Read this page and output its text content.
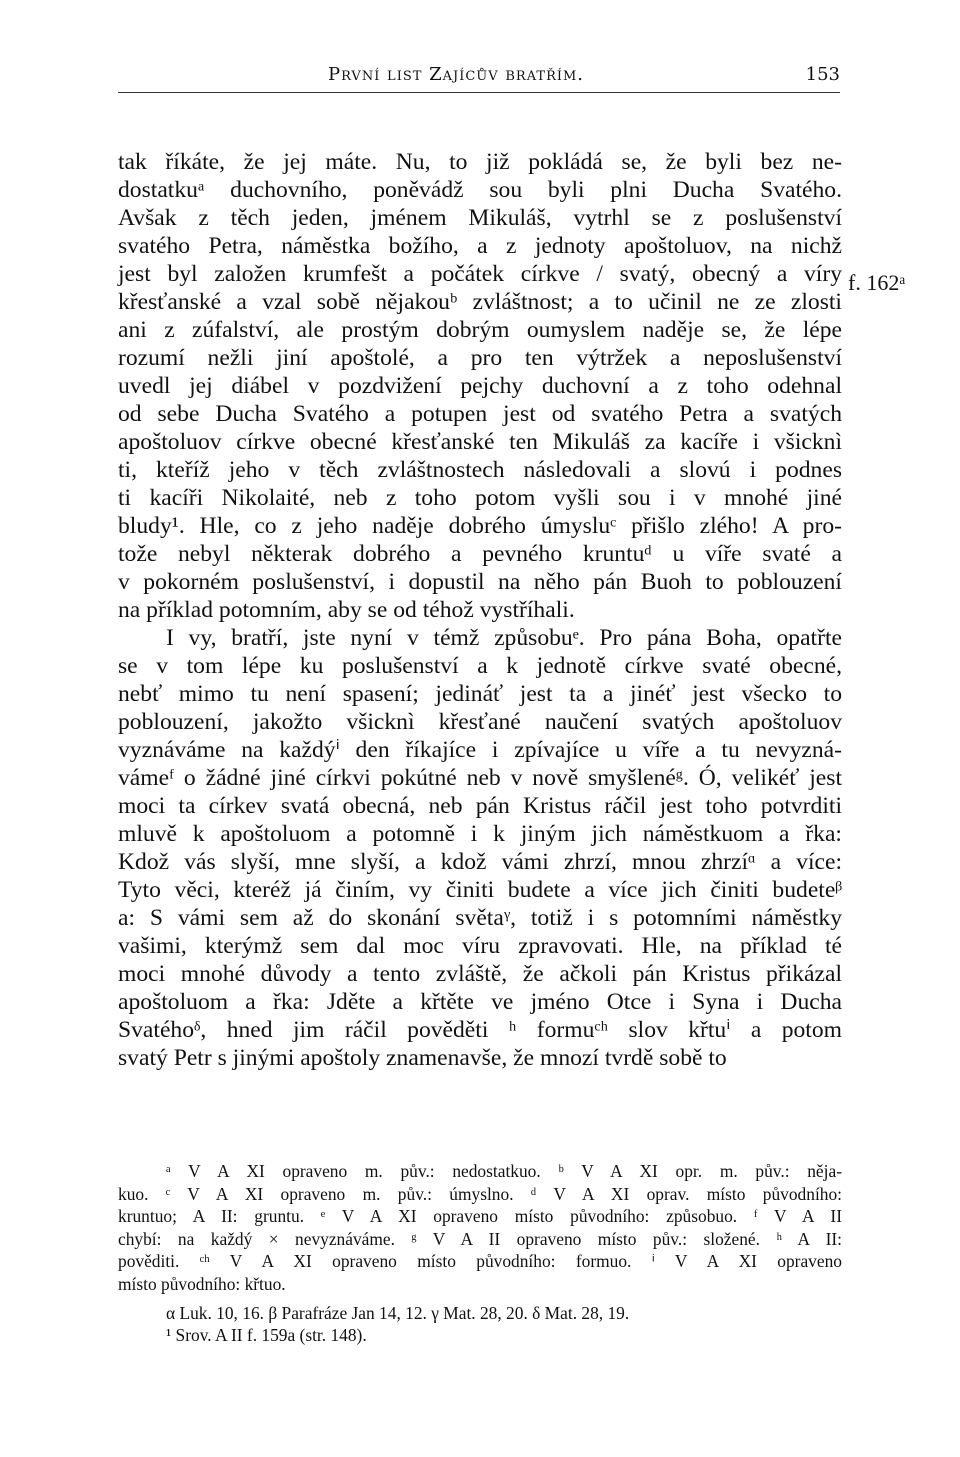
První list Zajícův bratřím.	153
f. 162ᵃ
tak říkáte, že jej máte. Nu, to již pokládá se, že byli bez ne-
dostatkuᵃ duchovního, poněvádž sou byli plni Ducha Svatého.
Avšak z těch jeden, jménem Mikuláš, vytrhl se z poslušenství
svatého Petra, náměstka božího, a z jednoty apoštoluov, na nichž
jest byl založen krumfešt a počátek církve / svatý, obecný a víry
křesťanské a vzal sobě nějakouᵇ zvláštnost; a to učinil ne ze zlosti
ani z zúfalství, ale prostým dobrým oumyslem naděje se, že lépe
rozumí nežli jiní apoštolé, a pro ten výtržek a neposlušenství
uvedl jej diábel v pozdvižení pejchy duchovní a z toho odehnal
od sebe Ducha Svatého a potupen jest od svatého Petra a svatých
apoštoluov církve obecné křesťanské ten Mikuláš za kacíře i všicknì
ti, kteříž jeho v těch zvláštnostech následovali a slovú i podnes
ti kacíři Nikolaité, neb z toho potom vyšli sou i v mnohé jiné
bludy¹. Hle, co z jeho naděje dobrého úmysluᶜ přišlo zlého! A pro-
tože nebyl některak dobrého a pevného kruntuᵈ u víře svaté a
v pokorném poslušenství, i dopustil na něho pán Buoh to poblouzení
na příklad potomním, aby se od téhož vystříhali.
I vy, bratří, jste nyní v témž způsobuᵉ. Pro pána Boha, opatřte
se v tom lépe ku poslušenství a k jednotě církve svaté obecné,
nebť mimo tu není spasení; jedináť jest ta a jinéť jest všecko to
poblouzení, jakožto všicknì křesťané naučení svatých apoštoluov
vyznáváme na každýⁱ den říkajíce i zpívajíce u víře a tu nevyzná-
vámeᶠ o žádné jiné církvi pokútné neb v nově smyšlenéᵍ. Ó, velikéť jest
moci ta církev svatá obecná, neb pán Kristus ráčil jest toho potvrditi
mluvě k apoštoluom a potomně i k jiným jich náměstkuom a řka:
Kdož vás slyší, mne slyší, a kdož vámi zhrzí, mnou zhrzíᵅ a více:
Tyto věci, kteréž já činím, vy činiti budete a více jich činiti budeteᵝ
a: S vámi sem až do skonání světaᵞ, totiž i s potomními náměstky
vašimi, kterýmž sem dal moc víru zpravovati. Hle, na příklad té
moci mnohé důvody a tento zvláště, že ačkoli pán Kristus přikázal
apoštoluom a řka: Jděte a křtěte ve jméno Otce i Syna i Ducha
Svatéhoᵟ, hned jim ráčil pověděti ʰ formuᶜʰ slov křtuⁱ a potom
svatý Petr s jinými apoštoly znamenavše, že mnozí tvrdě sobě to
ᵃ V A XI opraveno m. pův.: nedostatkuo. ᵇ V A XI opr. m. pův.: něja-
kuo. ᶜ V A XI opraveno m. pův.: úmyslno. ᵈ V A XI oprav. místo původního:
kruntuo; A II: gruntu. ᵉ V A XI opraveno místo původního: způsobuo. ᶠ V A II
chybí: na každý × nevyznáváme. ᵍ V A II opraveno místo pův.: složené. ʰ A II:
pověditi. ᶜʰ V A XI opraveno místo původního: formuo. ⁱ V A XI opraveno
místo původního: křtuo.
α Luk. 10, 16. β Parafráze Jan 14, 12. γ Mat. 28, 20. δ Mat. 28, 19.
¹ Srov. A II f. 159a (str. 148).
